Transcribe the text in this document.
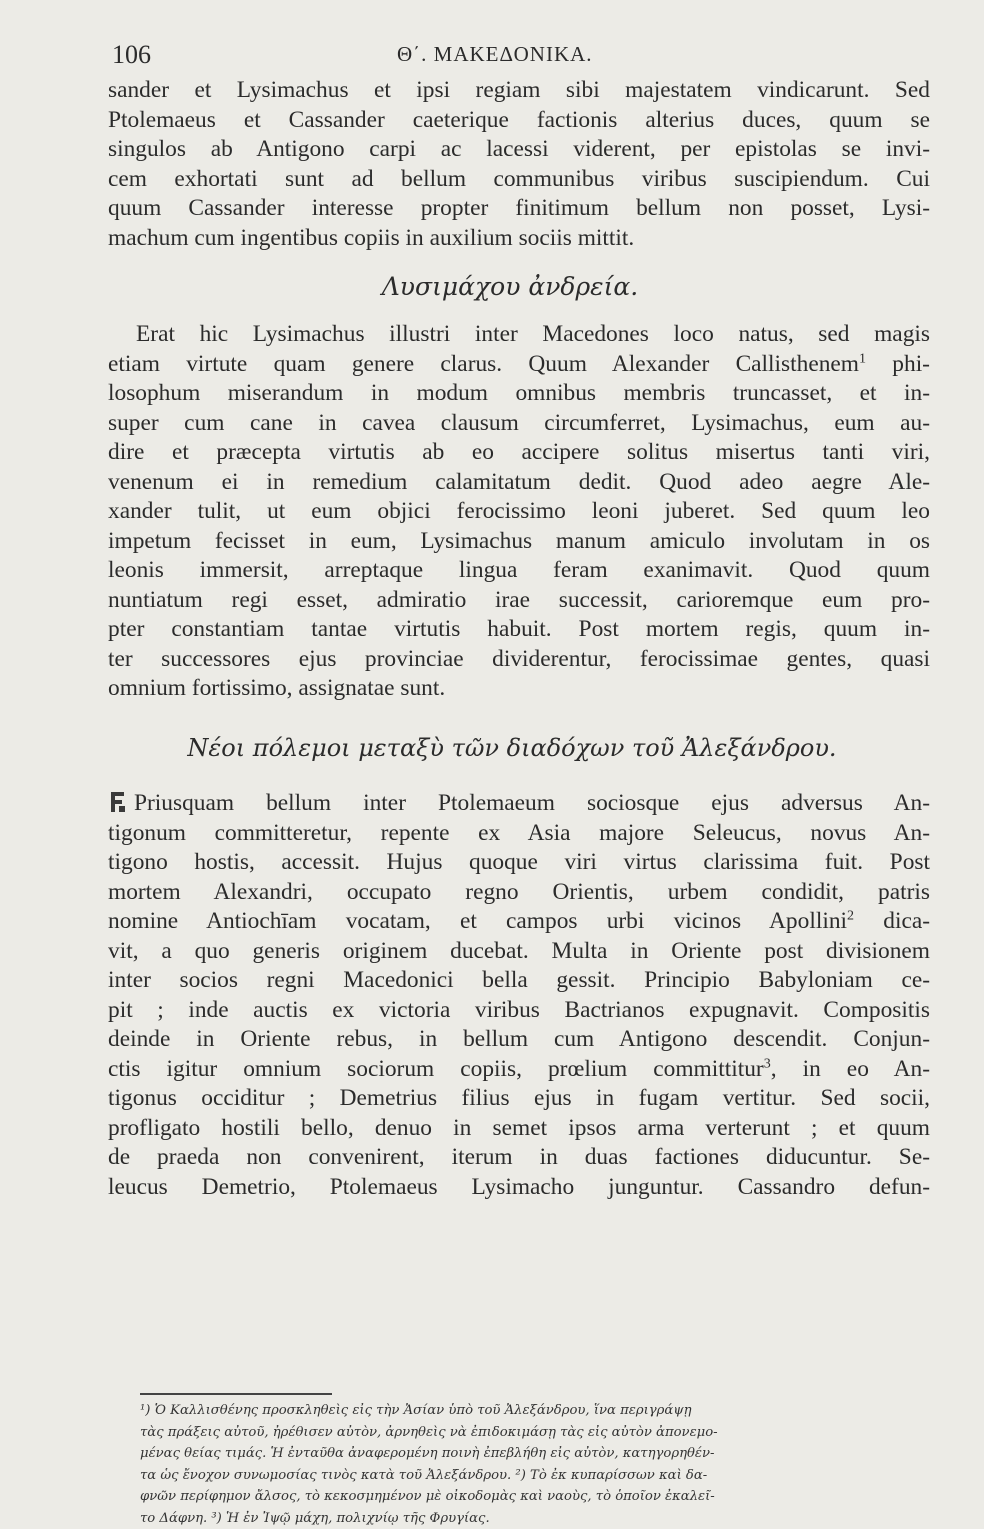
106	Θ΄. ΜΑΚΕΔΟΝΙΚΑ.
sander et Lysimachus et ipsi regiam sibi majestatem vindicarunt. Sed
Ptolemaeus et Cassander caeterique factionis alterius duces, quum se
singulos ab Antigono carpi ac lacessi viderent, per epistolas se invi-
cem exhortati sunt ad bellum communibus viribus suscipiendum. Cui
quum Cassander interesse propter finitimum bellum non posset, Lysi-
machum cum ingentibus copiis in auxilium sociis mittit.
Λυσιμάχου ἀνδρεία.
Erat hic Lysimachus illustri inter Macedones loco natus, sed magis
etiam virtute quam genere clarus. Quum Alexander Callisthenem$^1$ phi-
losophum miserandum in modum omnibus membris truncasset, et in-
super cum cane in cavea clausum circumferret, Lysimachus, eum au-
dire et præcepta virtutis ab eo accipere solitus misertus tanti viri,
venenum ei in remedium calamitatum dedit. Quod adeo aegre Ale-
xander tulit, ut eum objici ferocissimo leoni juberet. Sed quum leo
impetum fecisset in eum, Lysimachus manum amiculo involutam in os
leonis immersit, arreptaque lingua feram exanimavit. Quod quum
nuntiatum regi esset, admiratio irae successit, carioremque eum pro-
pter constantiam tantae virtutis habuit. Post mortem regis, quum in-
ter successores ejus provinciae dividerentur, ferocissimae gentes, quasi
omnium fortissimo, assignatae sunt.
Νέοι πόλεμοι μεταξὺ τῶν διαδόχων τοῦ Ἀλεξάνδρου.
Priusquam bellum inter Ptolemaeum sociosque ejus adversus An-
tigonum committeretur, repente ex Asia majore Seleucus, novus An-
tigono hostis, accessit. Hujus quoque viri virtus clarissima fuit. Post
mortem Alexandri, occupato regno Orientis, urbem condidit, patris
nomine Antiochīam vocatam, et campos urbi vicinos Apollini$^2$ dica-
vit, a quo generis originem ducebat. Multa in Oriente post divisionem
inter socios regni Macedonici bella gessit. Principio Babyloniam ce-
pit ; inde auctis ex victoria viribus Bactrianos expugnavit. Compositis
deinde in Oriente rebus, in bellum cum Antigono descendit. Conjun-
ctis igitur omnium sociorum copiis, prœlium committitur$^3$, in eo An-
tigonus occiditur ; Demetrius filius ejus in fugam vertitur. Sed socii,
profligato hostili bello, denuo in semet ipsos arma verterunt ; et quum
de praeda non convenirent, iterum in duas factiones diducuntur. Se-
leucus Demetrio, Ptolemaeus Lysimacho junguntur. Cassandro defun-
¹) Ὁ Καλλισθένης προσκληθεὶς εἰς τὴν Ἀσίαν ὑπὸ τοῦ Ἀλεξάνδρου, ἵνα περιγράψῃ
τὰς πράξεις αὐτοῦ, ἠρέθισεν αὐτὸν, ἀρνηθεὶς νὰ ἐπιδοκιμάσῃ τὰς εἰς αὐτὸν ἀπονεμο-
μένας θείας τιμάς. Ἡ ἐνταῦθα ἀναφερομένη ποινὴ ἐπεβλήθη εἰς αὐτὸν, κατηγορηθέν-
τα ὡς ἔνοχον συνωμοσίας τινὸς κατὰ τοῦ Ἀλεξάνδρου. ²) Τὸ ἐκ κυπαρίσσων καὶ δα-
φνῶν περίφημον ἄλσος, τὸ κεκοσμημένον μὲ οἰκοδομὰς καὶ ναοὺς, τὸ ὁποῖον ἐκαλεῖ-
το Δάφνη. ³) Ἡ ἐν Ἰψῷ μάχη, πολιχνίῳ τῆς Φρυγίας.
